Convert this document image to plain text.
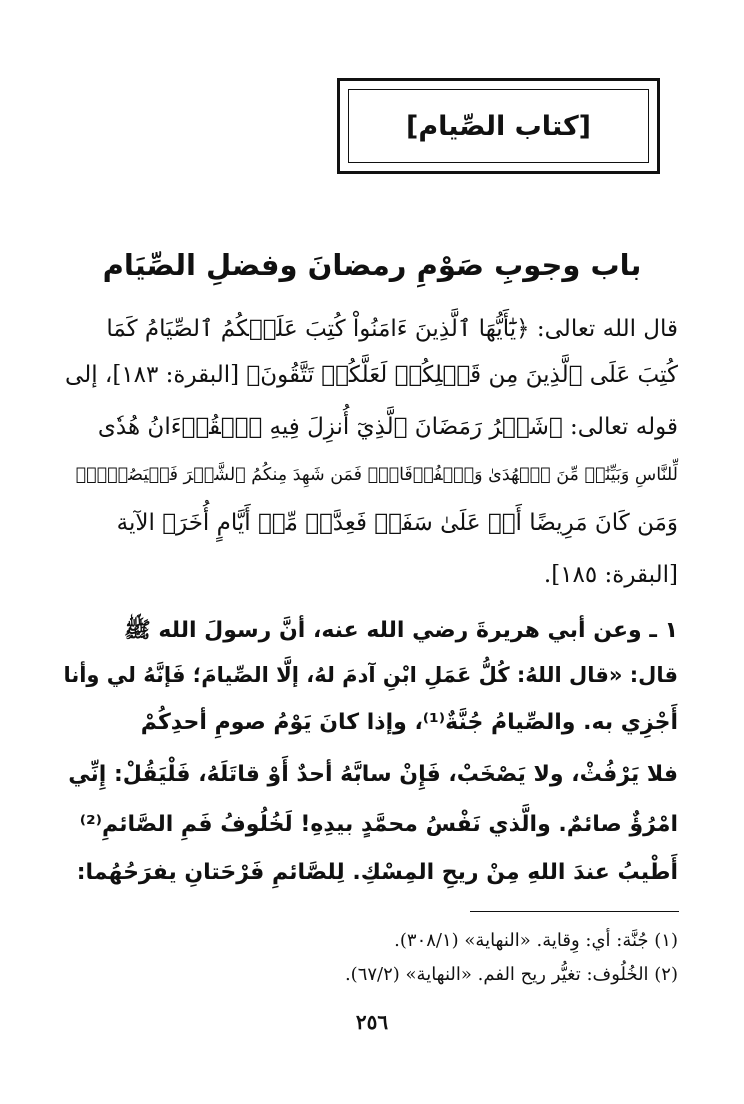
[كتاب الصِّيام]
باب وجوبِ صَوْمِ رمضانَ وفضلِ الصِّيَام
قال الله تعالى: ﴿يَٰٓأَيُّهَا ٱلَّذِينَ ءَامَنُواْ كُتِبَ عَلَيۡكُمُ ٱلصِّيَامُ كَمَا
كُتِبَ عَلَى ٱلَّذِينَ مِن قَبۡلِكُمۡ لَعَلَّكُمۡ تَتَّقُونَ﴾ [البقرة: ١٨٣]، إلى
قوله تعالى: ﴿شَهۡرُ رَمَضَانَ ٱلَّذِيٓ أُنزِلَ فِيهِ ٱلۡقُرۡءَانُ هُدٗى
لِّلنَّاسِ وَبَيِّنَٰتٖ مِّنَ ٱلۡهُدَىٰ وَٱلۡفُرۡقَانِۚ فَمَن شَهِدَ مِنكُمُ ٱلشَّهۡرَ فَلۡيَصُمۡهُۖ
وَمَن كَانَ مَرِيضًا أَوۡ عَلَىٰ سَفَرٖ فَعِدَّةٞ مِّنۡ أَيَّامٍ أُخَرَ﴾ الآية
[البقرة: ١٨٥].
١ ـ وعن أبي هريرةَ رضي الله عنه، أنَّ رسولَ الله ﷺ
قال: «قال اللهُ: كُلُّ عَمَلِ ابْنِ آدمَ لهُ، إلَّا الصِّيامَ؛ فَإنَّهُ لي وأنا
أَجْزِي به. والصِّيامُ جُنَّةٌ⁽¹⁾، وإذا كانَ يَوْمُ صومِ أحدِكُمْ
فلا يَرْفُثْ، ولا يَصْخَبْ، فَإِنْ سابَّهُ أحدٌ أَوْ قاتَلَهُ، فَلْيَقُلْ: إِنِّي
امْرُؤٌ صائمٌ. والَّذي نَفْسُ محمَّدٍ بيدِهِ! لَخُلُوفُ فَمِ الصَّائمِ⁽²⁾
أَطْيبُ عندَ اللهِ مِنْ ريحِ المِسْكِ. لِلصَّائمِ فَرْحَتانِ يفرَحُهُما:
(١) جُنَّة: أي: وِقاية. «النهاية» (٣٠٨/١).
(٢) الخُلُوف: تغيُّر ريح الفم. «النهاية» (٦٧/٢).
٢٥٦
